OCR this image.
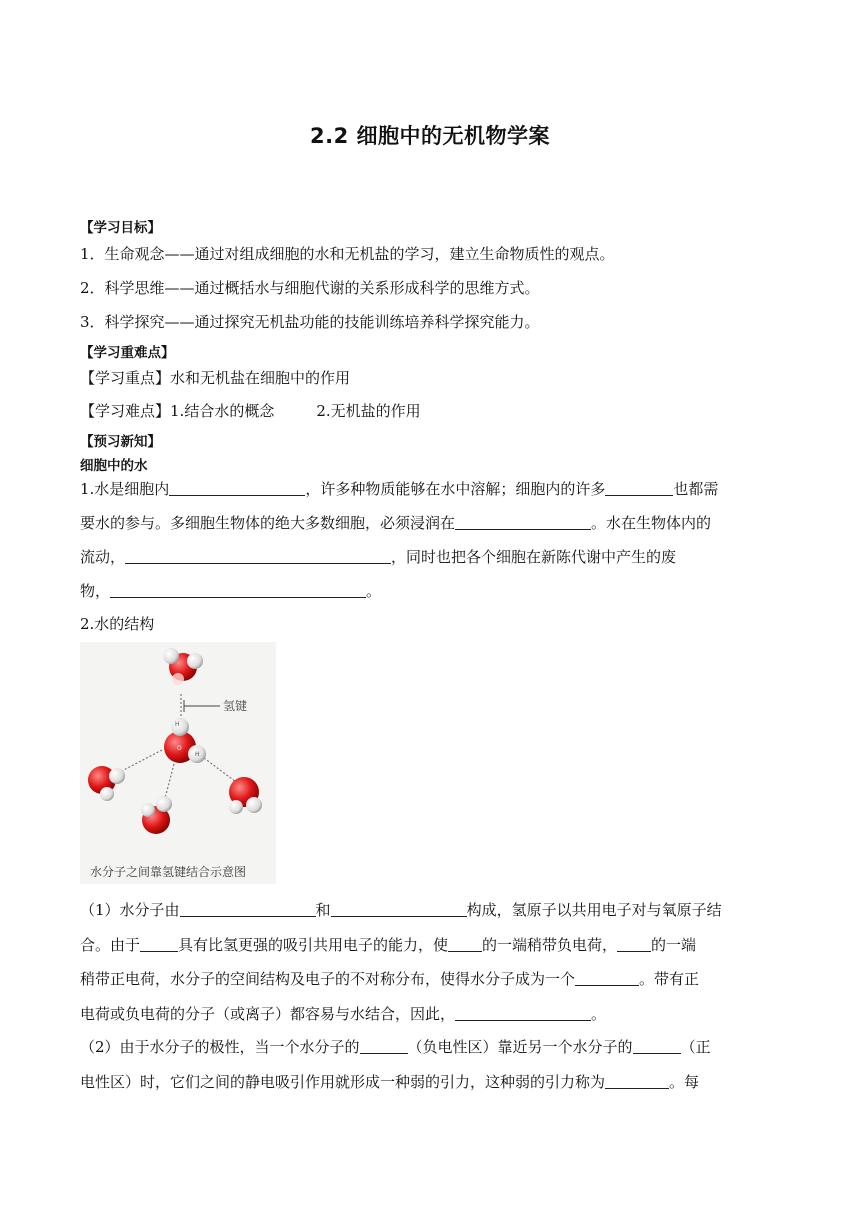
2.2 细胞中的无机物学案
【学习目标】
1．生命观念——通过对组成细胞的水和无机盐的学习，建立生命物质性的观点。
2．科学思维——通过概括水与细胞代谢的关系形成科学的思维方式。
3．科学探究——通过探究无机盐功能的技能训练培养科学探究能力。
【学习重难点】
【学习重点】水和无机盐在细胞中的作用
【学习难点】1.结合水的概念	2.无机盐的作用
【预习新知】
细胞中的水
1.水是细胞内	，许多种物质能够在水中溶解；细胞内的许多	也都需
要水的参与。多细胞生物体的绝大多数细胞，必须浸润在	。水在生物体内的
流动，	，同时也把各个细胞在新陈代谢中产生的废
物，	。
2.水的结构
氢键
H
O
H
水分子之间靠氢键结合示意图
（1）水分子由	和	构成，氢原子以共用电子对与氧原子结
合。由于	具有比氢更强的吸引共用电子的能力，使 的一端稍带负电荷， 的一端
稍带正电荷，水分子的空间结构及电子的不对称分布，使得水分子成为一个	。带有正
电荷或负电荷的分子（或离子）都容易与水结合，因此，	。
（2）由于水分子的极性，当一个水分子的	（负电性区）靠近另一个水分子的	（正
电性区）时，它们之间的静电吸引作用就形成一种弱的引力，这种弱的引力称为	。每
